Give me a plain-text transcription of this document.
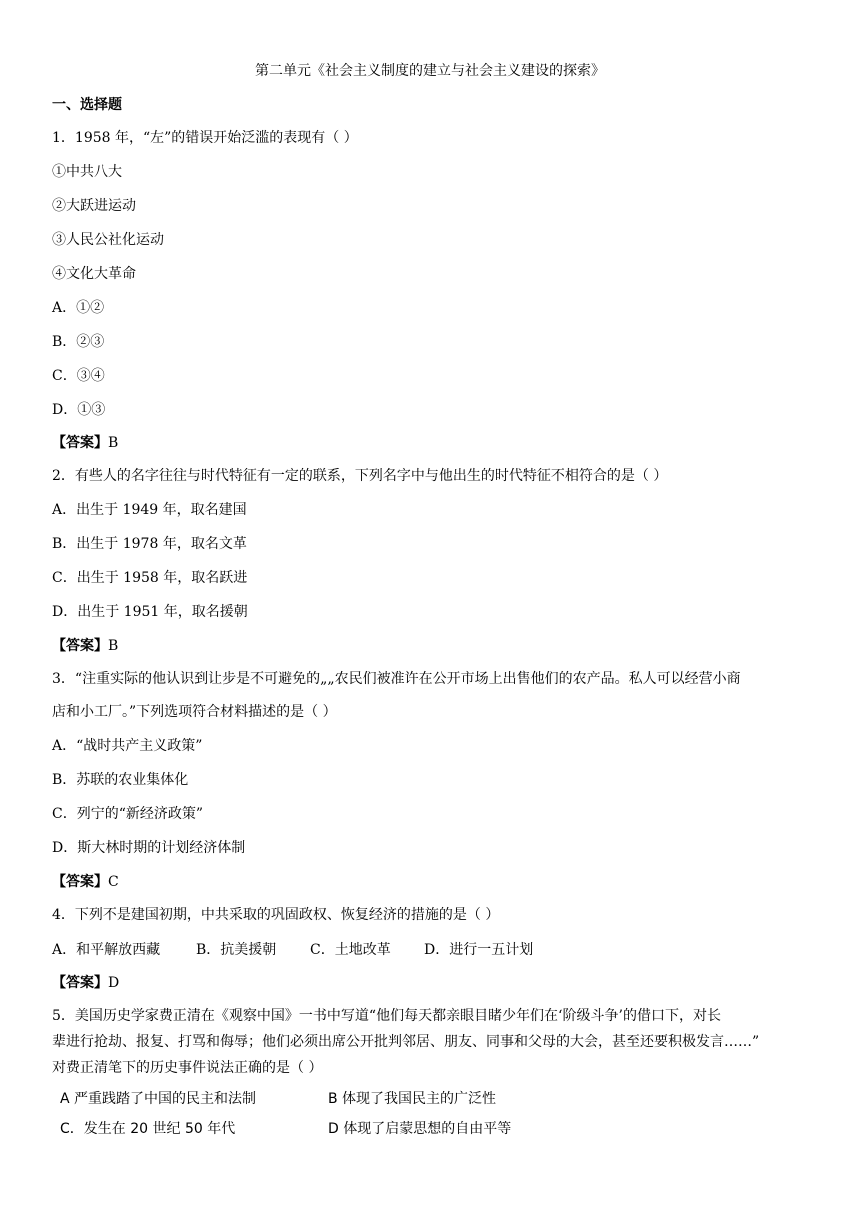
第二单元《社会主义制度的建立与社会主义建设的探索》
一、选择题
1．1958 年，“左”的错误开始泛滥的表现有（ ）
①中共八大
②大跃进运动
③人民公社化运动
④文化大革命
A．①②
B．②③
C．③④
D．①③
【答案】B
2．有些人的名字往往与时代特征有一定的联系，下列名字中与他出生的时代特征不相符合的是（ ）
A．出生于 1949 年，取名建国
B．出生于 1978 年，取名文革
C．出生于 1958 年，取名跃进
D．出生于 1951 年，取名援朝
【答案】B
3．“注重实际的他认识到让步是不可避免的„„农民们被准许在公开市场上出售他们的农产品。私人可以经营小商
店和小工厂。”下列选项符合材料描述的是（ ）
A．“战时共产主义政策”
B．苏联的农业集体化
C．列宁的“新经济政策”
D．斯大林时期的计划经济体制
【答案】C
4．下列不是建国初期，中共采取的巩固政权、恢复经济的措施的是（ ）
A．和平解放西藏	B．抗美援朝 C．土地改革 D．进行一五计划
【答案】D
5．美国历史学家费正清在《观察中国》一书中写道“他们每天都亲眼目睹少年们在‘阶级斗争’的借口下，对长
辈进行抢劫、报复、打骂和侮辱；他们必须出席公开批判邻居、朋友、同事和父母的大会，甚至还要积极发言……”
对费正清笔下的历史事件说法正确的是（ ）
A 严重践踏了中国的民主和法制	B 体现了我国民主的广泛性
C．发生在 20 世纪 50 年代	D 体现了启蒙思想的自由平等
